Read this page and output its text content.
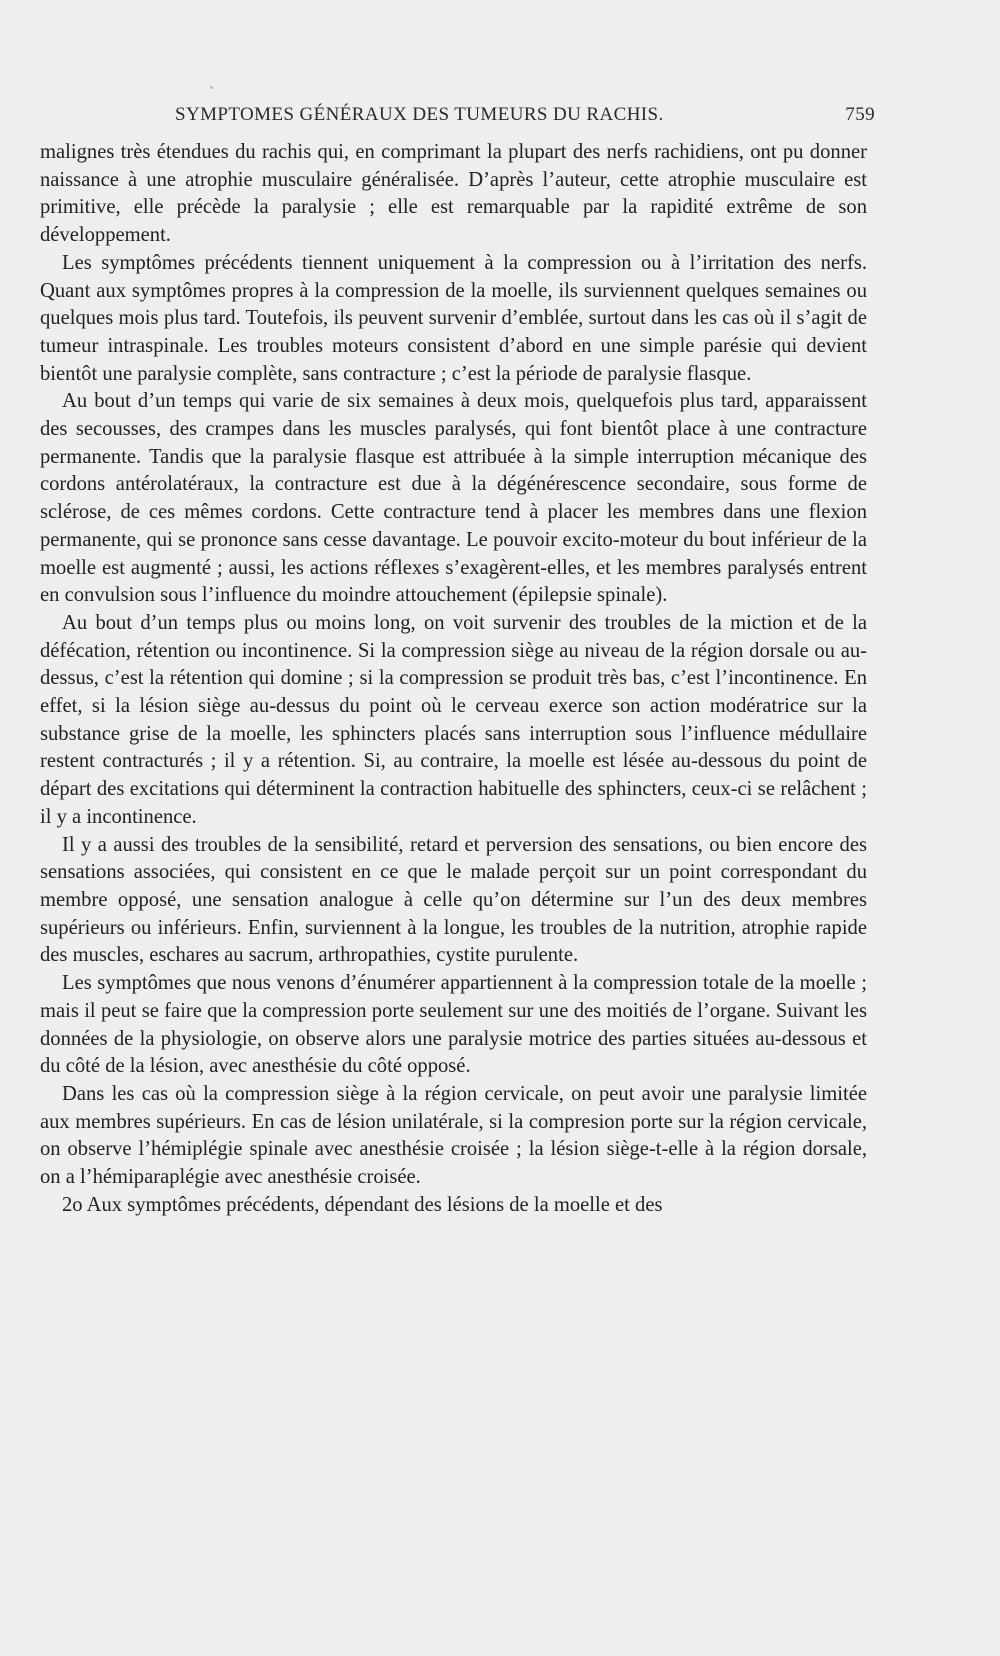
SYMPTOMES GÉNÉRAUX DES TUMEURS DU RACHIS.	759

malignes très étendues du rachis qui, en comprimant la plupart des nerfs rachidiens, ont pu donner naissance à une atrophie musculaire généralisée. D’après l’auteur, cette atrophie musculaire est primitive, elle précède la paralysie ; elle est remarquable par la rapidité extrême de son développement.

Les symptômes précédents tiennent uniquement à la compression ou à l’irritation des nerfs. Quant aux symptômes propres à la compression de la moelle, ils surviennent quelques semaines ou quelques mois plus tard. Toutefois, ils peuvent survenir d’emblée, surtout dans les cas où il s’agit de tumeur intraspinale. Les troubles moteurs consistent d’abord en une simple parésie qui devient bientôt une paralysie complète, sans contracture ; c’est la période de paralysie flasque.

Au bout d’un temps qui varie de six semaines à deux mois, quelquefois plus tard, apparaissent des secousses, des crampes dans les muscles paralysés, qui font bientôt place à une contracture permanente. Tandis que la paralysie flasque est attribuée à la simple interruption mécanique des cordons antérolatéraux, la contracture est due à la dégénérescence secondaire, sous forme de sclérose, de ces mêmes cordons. Cette contracture tend à placer les membres dans une flexion permanente, qui se prononce sans cesse davantage. Le pouvoir excito-moteur du bout inférieur de la moelle est augmenté ; aussi, les actions réflexes s’exagèrent-elles, et les membres paralysés entrent en convulsion sous l’influence du moindre attouchement (épilepsie spinale).

Au bout d’un temps plus ou moins long, on voit survenir des troubles de la miction et de la défécation, rétention ou incontinence. Si la compression siège au niveau de la région dorsale ou au-dessus, c’est la rétention qui domine ; si la compression se produit très bas, c’est l’incontinence. En effet, si la lésion siège au-dessus du point où le cerveau exerce son action modératrice sur la substance grise de la moelle, les sphincters placés sans interruption sous l’influence médullaire restent contracturés ; il y a rétention. Si, au contraire, la moelle est lésée au-dessous du point de départ des excitations qui déterminent la contraction habituelle des sphincters, ceux-ci se relâchent ; il y a incontinence.

Il y a aussi des troubles de la sensibilité, retard et perversion des sensations, ou bien encore des sensations associées, qui consistent en ce que le malade perçoit sur un point correspondant du membre opposé, une sensation analogue à celle qu’on détermine sur l’un des deux membres supérieurs ou inférieurs. Enfin, surviennent à la longue, les troubles de la nutrition, atrophie rapide des muscles, eschares au sacrum, arthropathies, cystite purulente.

Les symptômes que nous venons d’énumérer appartiennent à la compression totale de la moelle ; mais il peut se faire que la compression porte seulement sur une des moitiés de l’organe. Suivant les données de la physiologie, on observe alors une paralysie motrice des parties situées au-dessous et du côté de la lésion, avec anesthésie du côté opposé.

Dans les cas où la compression siège à la région cervicale, on peut avoir une paralysie limitée aux membres supérieurs. En cas de lésion unilatérale, si la compresion porte sur la région cervicale, on observe l’hémiplégie spinale avec anesthésie croisée ; la lésion siège-t-elle à la région dorsale, on a l’hémiparaplégie avec anesthésie croisée.

2o Aux symptômes précédents, dépendant des lésions de la moelle et des
